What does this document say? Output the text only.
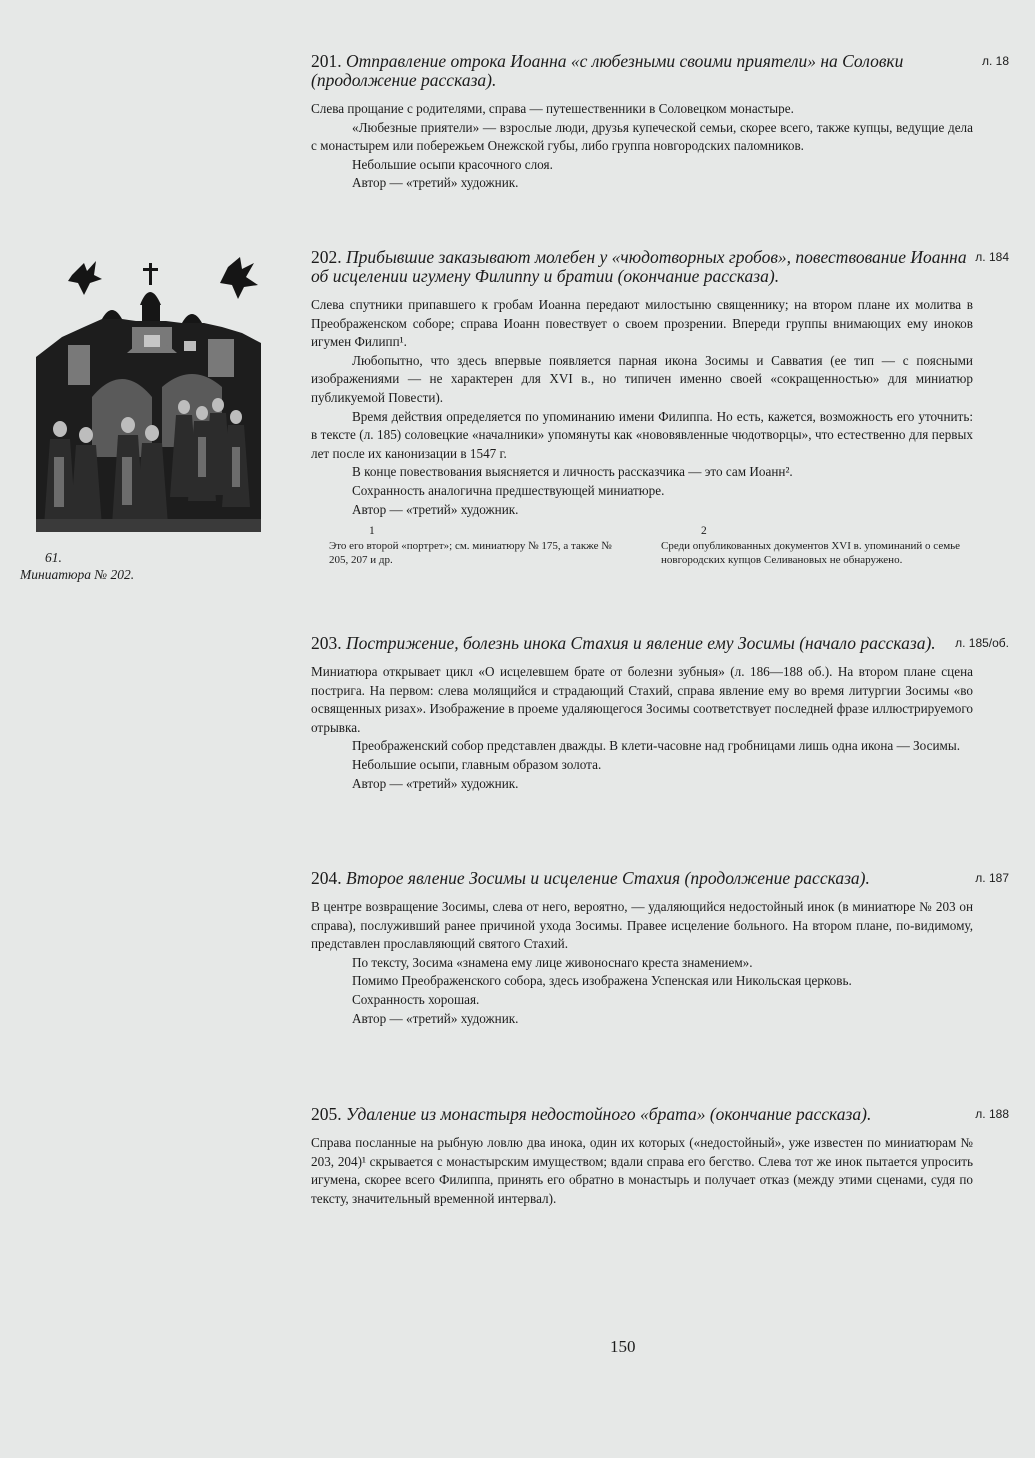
201. Отправление отрока Иоанна «с любезными своими приятели» на Соловки (продолжение рассказа).

л. 18

Слева прощание с родителями, справа — путешественники в Соловецком монастыре.

«Любезные приятели» — взрослые люди, друзья купеческой семьи, скорее всего, также купцы, ведущие дела с монастырем или побережьем Онежской губы, либо группа новгородских паломников.

Небольшие осыпи красочного слоя.

Автор — «третий» художник.

202. Прибывшие заказывают молебен у «чюдотворных гробов», повествование Иоанна об исцелении игумену Филиппу и братии (окончание рассказа).

л. 184

Слева спутники припавшего к гробам Иоанна передают милостыню священнику; на втором плане их молитва в Преображенском соборе; справа Иоанн повествует о своем прозрении. Впереди группы внимающих ему иноков игумен Филипп¹.

Любопытно, что здесь впервые появляется парная икона Зосимы и Савватия (ее тип — с поясными изображениями — не характерен для XVI в., но типичен именно своей «сокращенностью» для миниатюр публикуемой Повести).

Время действия определяется по упоминанию имени Филиппа. Но есть, кажется, возможность его уточнить: в тексте (л. 185) соловецкие «началники» упомянуты как «нововявленные чюдотворцы», что естественно для первых лет после их канонизации в 1547 г.

В конце повествования выясняется и личность рассказчика — это сам Иоанн².

Сохранность аналогична предшествующей миниатюре.

Автор — «третий» художник.

1
Это его второй «портрет»; см. миниатюру № 175, а также № 205, 207 и др.
2
Среди опубликованных документов XVI в. упоминаний о семье новгородских купцов Селивановых не обнаружено.

203. Пострижение, болезнь инока Стахия и явление ему Зосимы (начало рассказа).	л. 185/об.

Миниатюра открывает цикл «О исцелевшем брате от болезни зубныя» (л. 186—188 об.). На втором плане сцена пострига. На первом: слева молящийся и страдающий Стахий, справа явление ему во время литургии Зосимы «во освященных ризах». Изображение в проеме удаляющегося Зосимы соответствует последней фразе иллюстрируемого отрывка.

Преображенский собор представлен дважды. В клети-часовне над гробницами лишь одна икона — Зосимы.

Небольшие осыпи, главным образом золота.

Автор — «третий» художник.

204. Второе явление Зосимы и исцеление Стахия (продолжение рассказа).	л. 187

В центре возвращение Зосимы, слева от него, вероятно, — удаляющийся недостойный инок (в миниатюре № 203 он справа), послуживший ранее причиной ухода Зосимы. Правее исцеление больного. На втором плане, по-видимому, представлен прославляющий святого Стахий.

По тексту, Зосима «знамена ему лице живоноснаго креста знамением».

Помимо Преображенского собора, здесь изображена Успенская или Никольская церковь.

Сохранность хорошая.

Автор — «третий» художник.

205. Удаление из монастыря недостойного «брата» (окончание рассказа).	л. 188

Справа посланные на рыбную ловлю два инока, один их которых («недостойный», уже известен по миниатюрам № 203, 204)¹ скрывается с монастырским имуществом; вдали справа его бегство. Слева тот же инок пытается упросить игумена, скорее всего Филиппа, принять его обратно в монастырь и получает отказ (между этими сценами, судя по тексту, значительный временной интервал).

61.
Миниатюра № 202.
150
